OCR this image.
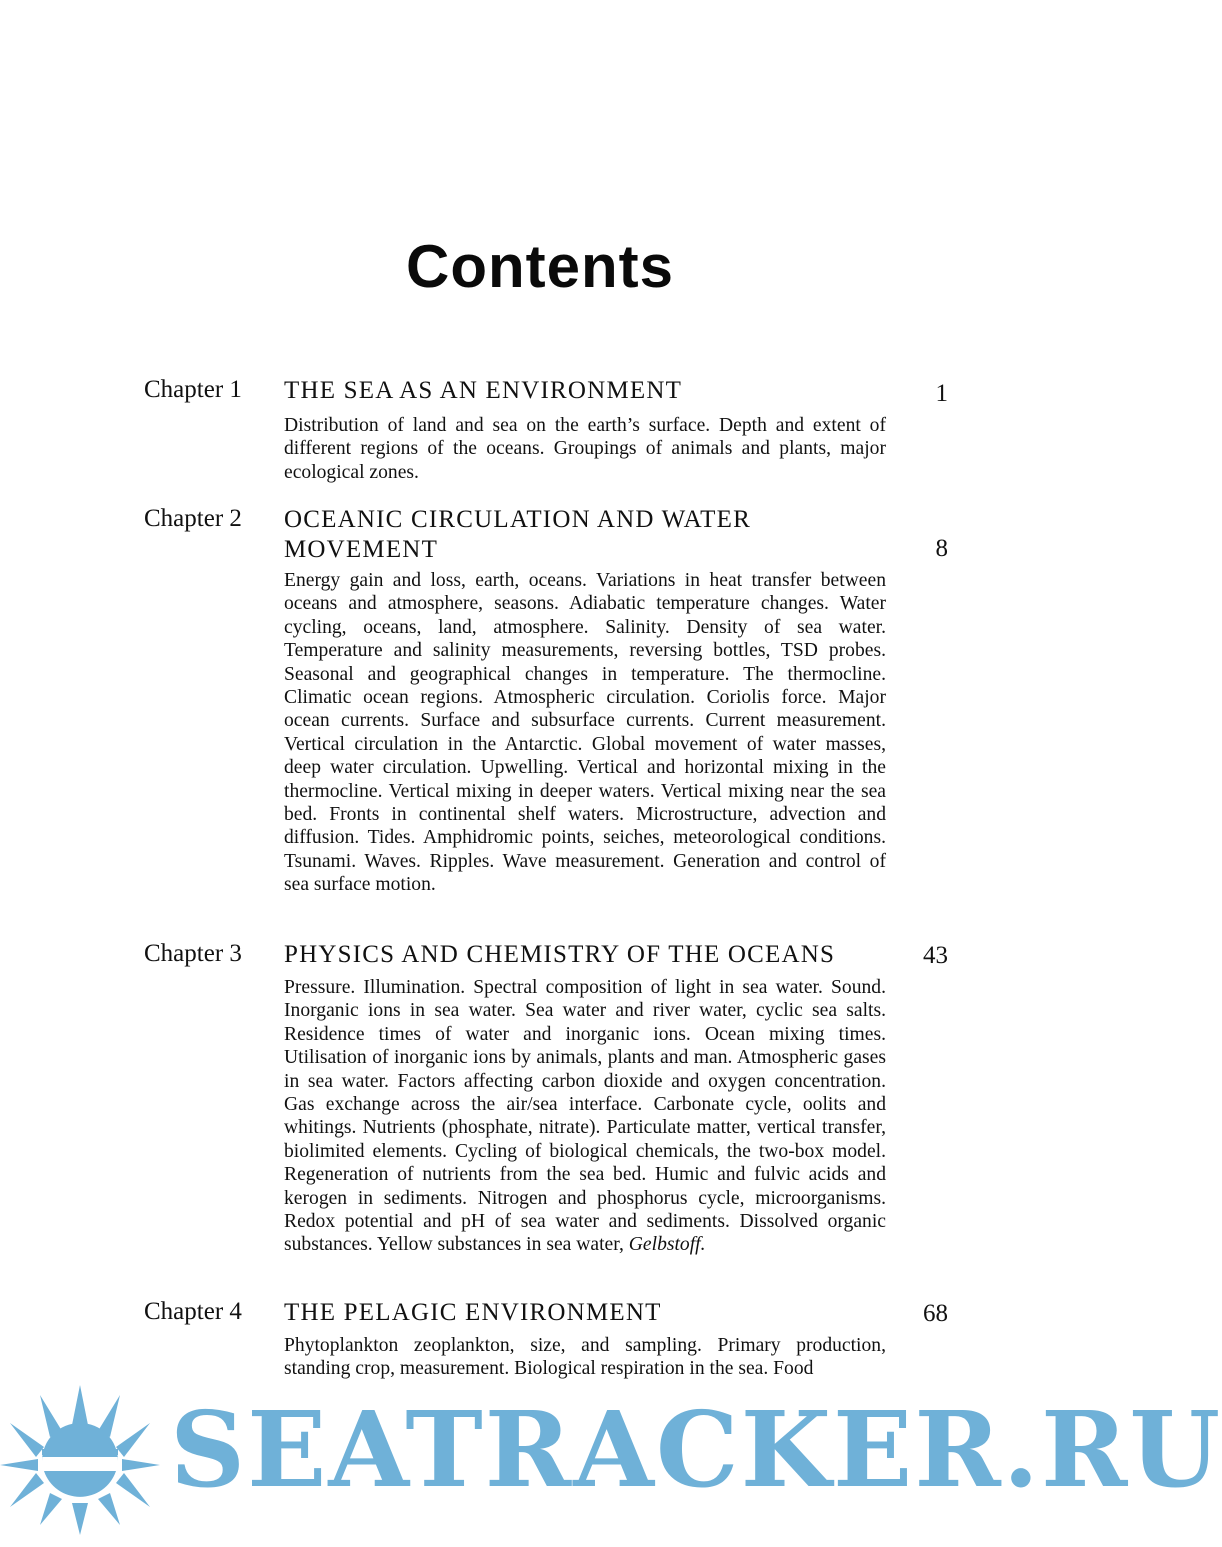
Contents
Chapter 1 THE SEA AS AN ENVIRONMENT	1
Distribution of land and sea on the earth’s surface. Depth and extent of different regions of the oceans. Groupings of animals and plants, major ecological zones.
Chapter 2 OCEANIC CIRCULATION AND WATER MOVEMENT	8
Energy gain and loss, earth, oceans. Variations in heat transfer between oceans and atmosphere, seasons. Adiabatic temperature changes. Water cycling, oceans, land, atmosphere. Salinity. Density of sea water. Temperature and salinity measurements, reversing bottles, TSD probes. Seasonal and geographical changes in temperature. The thermocline. Climatic ocean regions. Atmospheric circulation. Coriolis force. Major ocean currents. Surface and subsurface currents. Current measurement. Vertical circulation in the Antarctic. Global movement of water masses, deep water circulation. Upwelling. Vertical and horizontal mixing in the thermocline. Vertical mixing in deeper waters. Vertical mixing near the sea bed. Fronts in continental shelf waters. Microstructure, advection and diffusion. Tides. Amphidromic points, seiches, meteorological conditions. Tsunami. Waves. Ripples. Wave measurement. Generation and control of sea surface motion.
Chapter 3 PHYSICS AND CHEMISTRY OF THE OCEANS	43
Pressure. Illumination. Spectral composition of light in sea water. Sound. Inorganic ions in sea water. Sea water and river water, cyclic sea salts. Residence times of water and inorganic ions. Ocean mixing times. Utilisation of inorganic ions by animals, plants and man. Atmospheric gases in sea water. Factors affecting carbon dioxide and oxygen concentration. Gas exchange across the air/sea interface. Carbonate cycle, oolits and whitings. Nutrients (phosphate, nitrate). Particulate matter, vertical transfer, biolimited elements. Cycling of biological chemicals, the two-box model. Regeneration of nutrients from the sea bed. Humic and fulvic acids and kerogen in sediments. Nitrogen and phosphorus cycle, microorganisms. Redox potential and pH of sea water and sediments. Dissolved organic substances. Yellow substances in sea water, Gelbstoff.
Chapter 4 THE PELAGIC ENVIRONMENT	68
Phytoplankton zeoplankton, size, and sampling. Primary production, standing crop, measurement. Biological respiration in the sea. Food
SEATRACKER.RU
